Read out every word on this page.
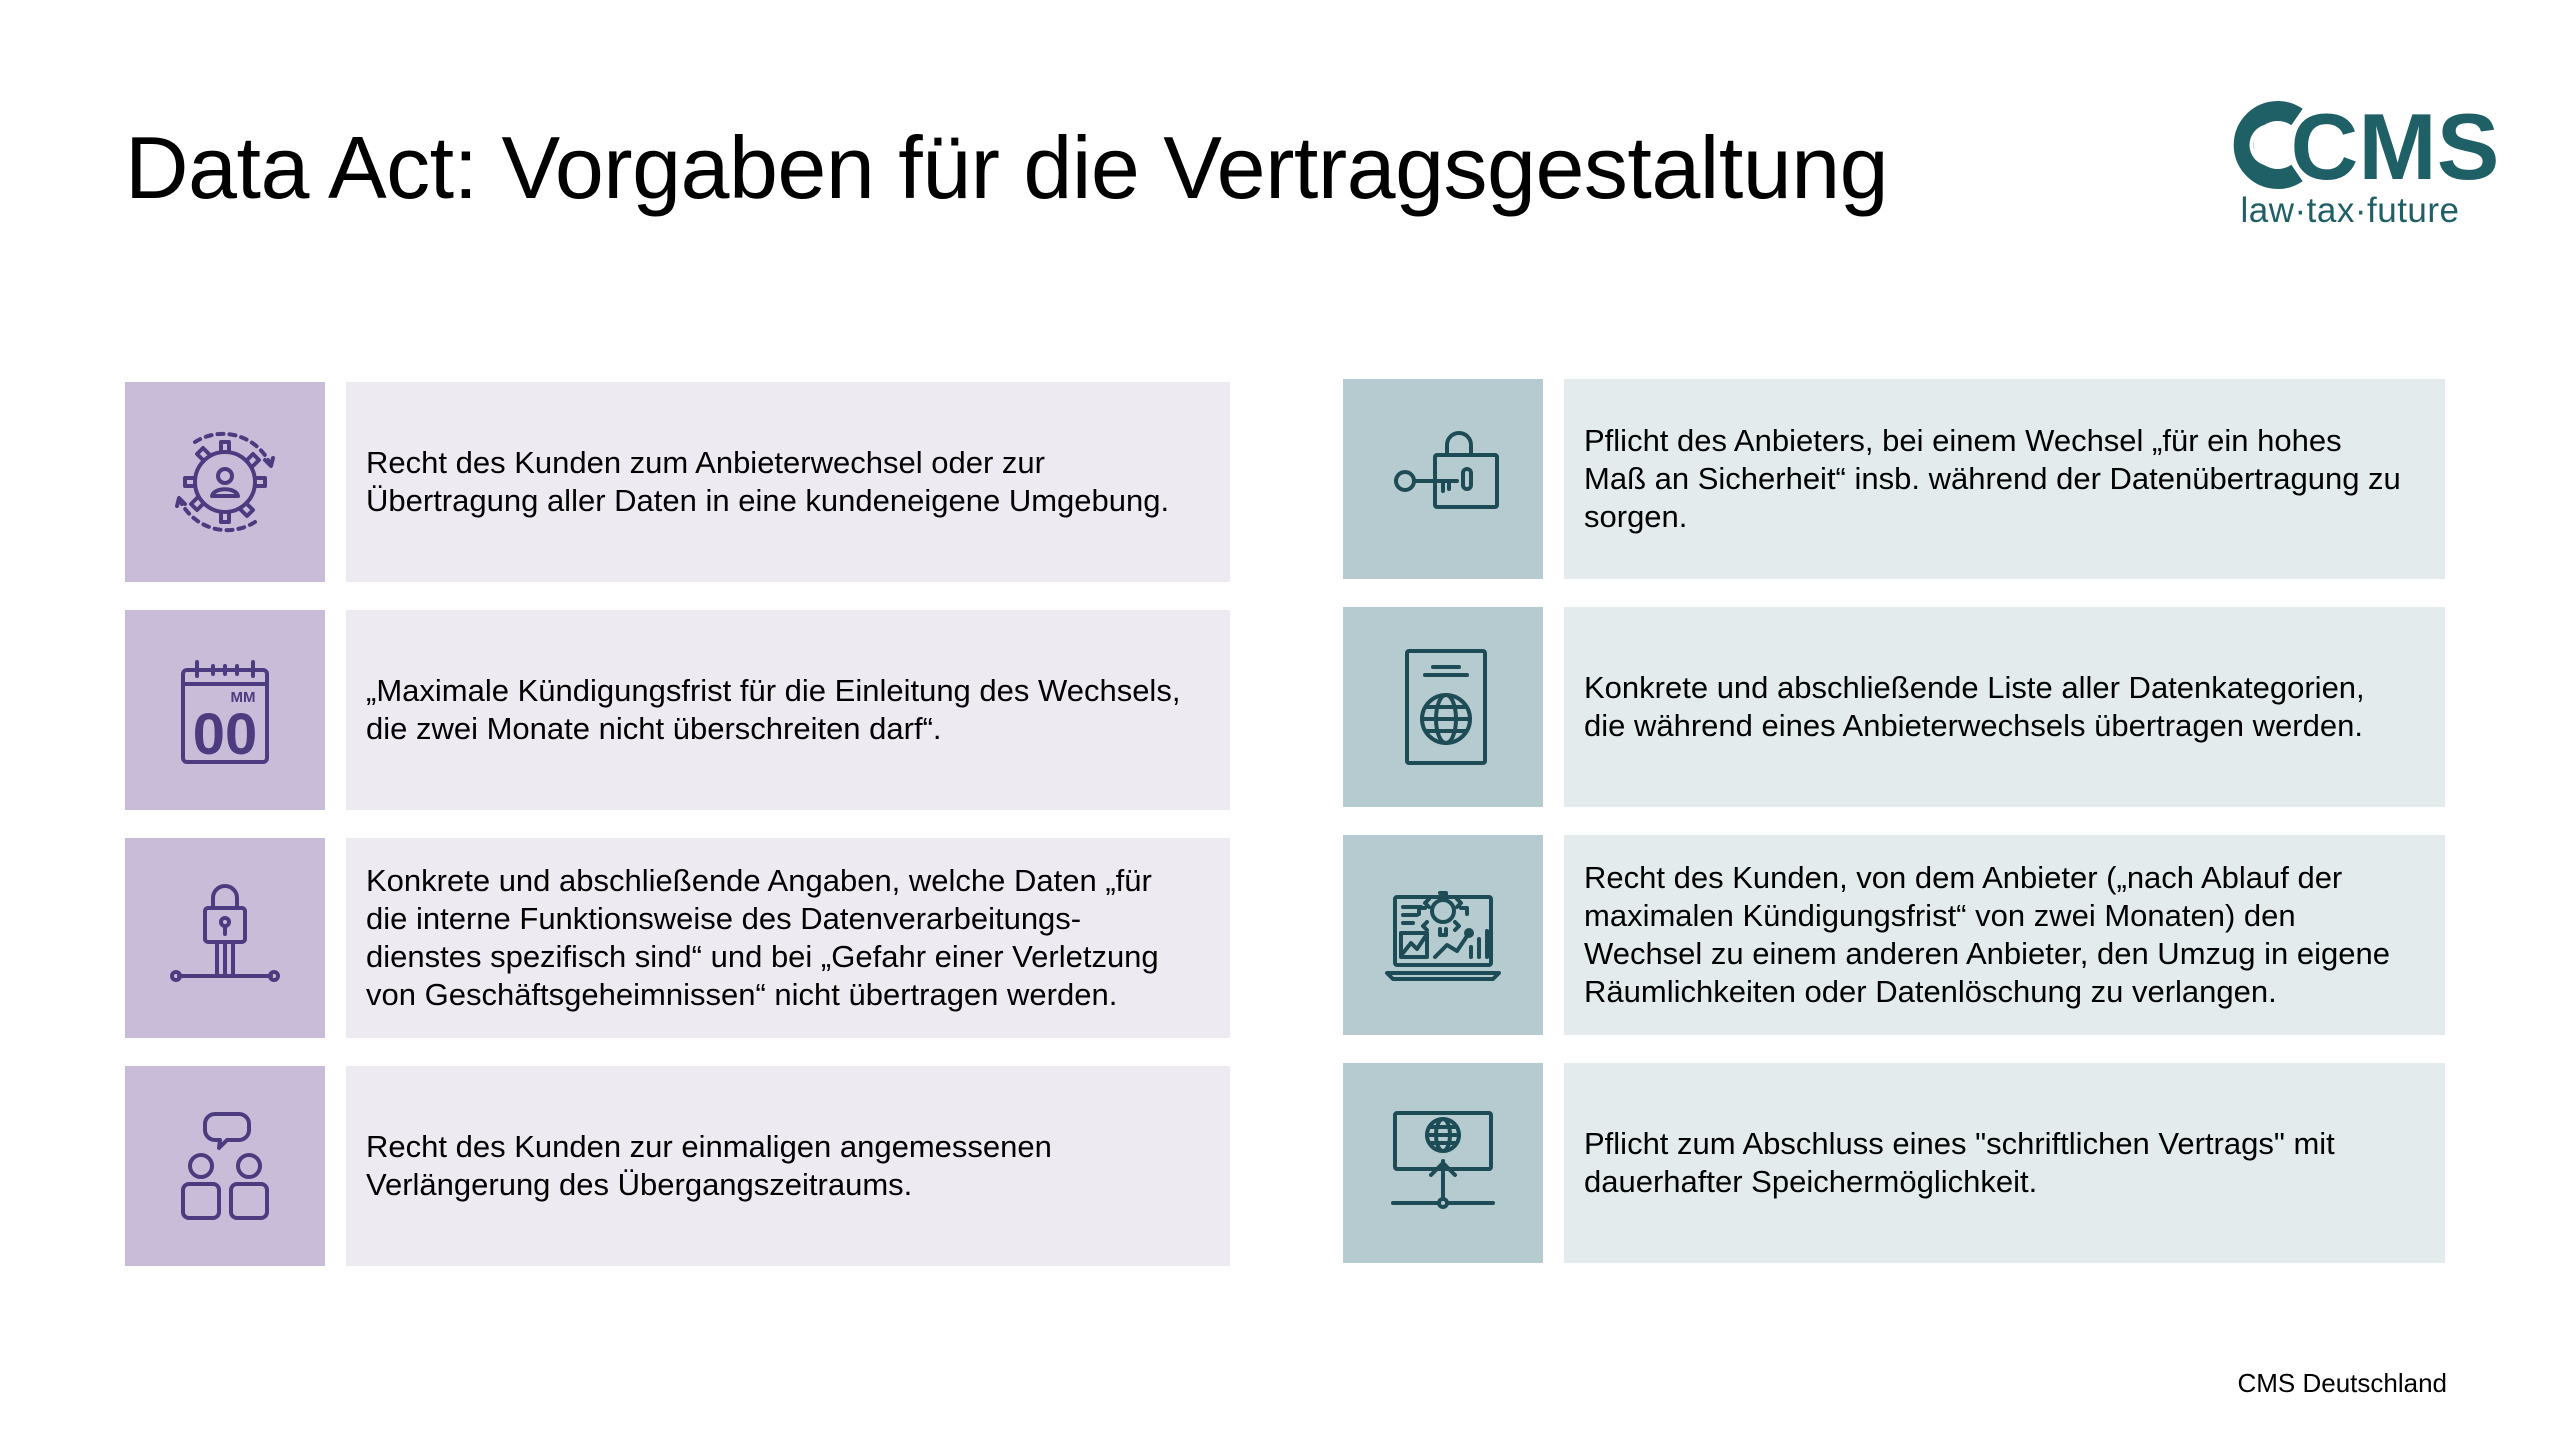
Data Act: Vorgaben für die Vertragsgestaltung	CMS
law·tax·future
Recht des Kunden zum Anbieterwechsel oder zur
Übertragung aller Daten in eine kundeneigene Umgebung.
MM
00
„Maximale Kündigungsfrist für die Einleitung des Wechsels,
die zwei Monate nicht überschreiten darf“.
Konkrete und abschließende Angaben, welche Daten „für
die interne Funktionsweise des Datenverarbeitungs-
dienstes spezifisch sind“ und bei „Gefahr einer Verletzung
von Geschäftsgeheimnissen“ nicht übertragen werden.
Recht des Kunden zur einmaligen angemessenen
Verlängerung des Übergangszeitraums.
Pflicht des Anbieters, bei einem Wechsel „für ein hohes
Maß an Sicherheit“ insb. während der Datenübertragung zu
sorgen.
Konkrete und abschließende Liste aller Datenkategorien,
die während eines Anbieterwechsels übertragen werden.
Recht des Kunden, von dem Anbieter („nach Ablauf der
maximalen Kündigungsfrist“ von zwei Monaten) den
Wechsel zu einem anderen Anbieter, den Umzug in eigene
Räumlichkeiten oder Datenlöschung zu verlangen.
Pflicht zum Abschluss eines "schriftlichen Vertrags" mit
dauerhafter Speichermöglichkeit.
CMS Deutschland
